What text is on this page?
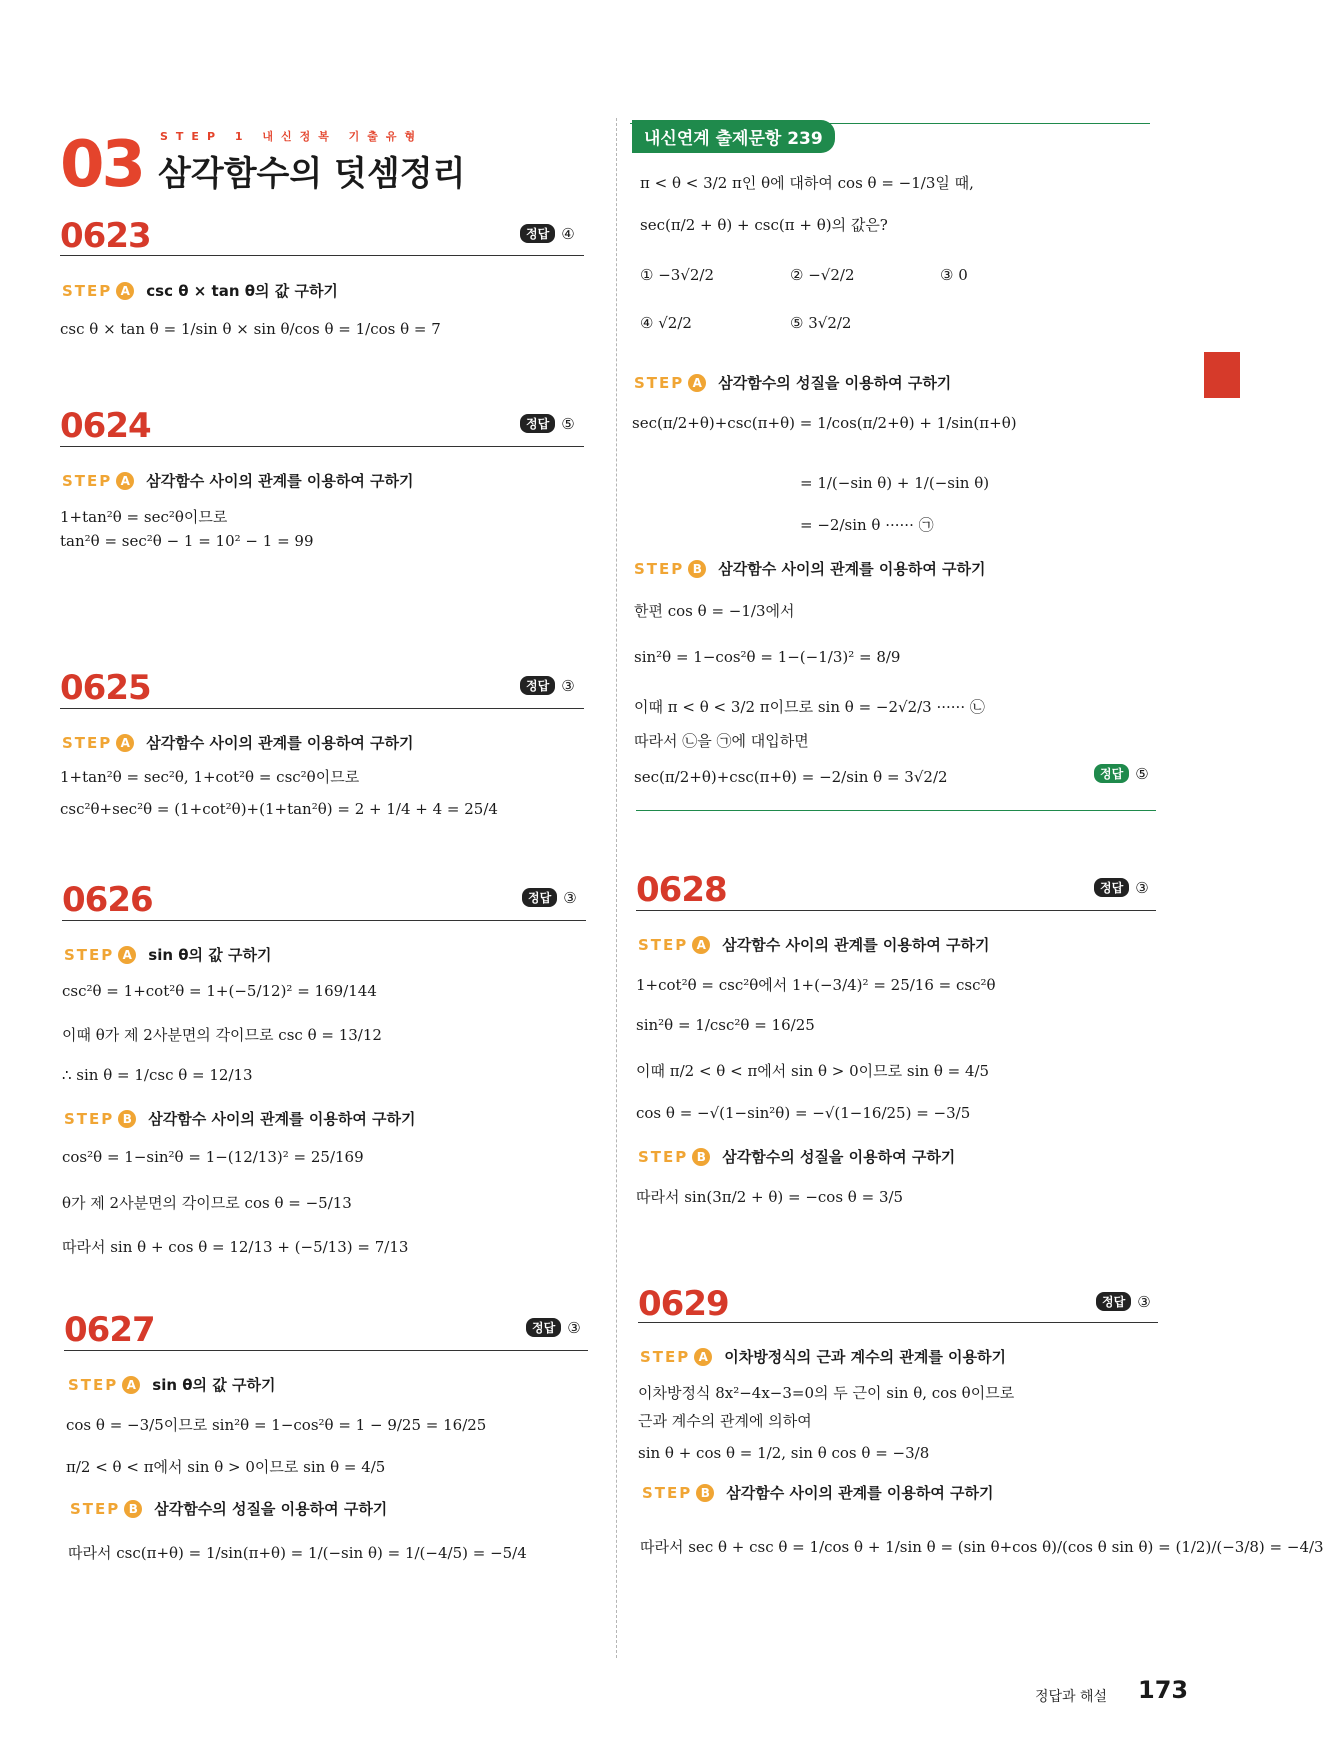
03 STEP 1 내신정복 기출유형
삼각함수의 덧셈정리
0623	정답 ④
STEP A csc θ × tan θ의 값 구하기
csc θ × tan θ = 1/sin θ × sin θ/cos θ = 1/cos θ = 7
0624	정답 ⑤
STEP A 삼각함수 사이의 관계를 이용하여 구하기
1+tan²θ = sec²θ이므로
tan²θ = sec²θ − 1 = 10² − 1 = 99
0625	정답 ③
STEP A 삼각함수 사이의 관계를 이용하여 구하기
1+tan²θ = sec²θ, 1+cot²θ = csc²θ이므로
csc²θ+sec²θ = (1+cot²θ)+(1+tan²θ) = 2 + 1/4 + 4 = 25/4
0626	정답 ③
STEP A sin θ의 값 구하기
csc²θ = 1+cot²θ = 1+(−5/12)² = 169/144
이때 θ가 제 2사분면의 각이므로 csc θ = 13/12
∴ sin θ = 1/csc θ = 12/13
STEP B 삼각함수 사이의 관계를 이용하여 구하기
cos²θ = 1−sin²θ = 1−(12/13)² = 25/169
θ가 제 2사분면의 각이므로 cos θ = −5/13
따라서 sin θ + cos θ = 12/13 + (−5/13) = 7/13
0627	정답 ③
STEP A sin θ의 값 구하기
cos θ = −3/5이므로 sin²θ = 1−cos²θ = 1 − 9/25 = 16/25
π/2 < θ < π에서 sin θ > 0이므로 sin θ = 4/5
STEP B 삼각함수의 성질을 이용하여 구하기
따라서 csc(π+θ) = 1/sin(π+θ) = 1/(−sin θ) = 1/(−4/5) = −5/4
내신연계 출제문항 239
π < θ < 3/2 π인 θ에 대하여 cos θ = −1/3일 때,
sec(π/2 + θ) + csc(π + θ)의 값은?
① −3√2/2	② −√2/2	③ 0
④ √2/2	⑤ 3√2/2
STEP A 삼각함수의 성질을 이용하여 구하기
sec(π/2+θ)+csc(π+θ) = 1/cos(π/2+θ) + 1/sin(π+θ)
= 1/(−sin θ) + 1/(−sin θ)
= −2/sin θ ······ ㉠
STEP B 삼각함수 사이의 관계를 이용하여 구하기
한편 cos θ = −1/3에서
sin²θ = 1−cos²θ = 1−(−1/3)² = 8/9
이때 π < θ < 3/2 π이므로 sin θ = −2√2/3 ······ ㉡
따라서 ㉡을 ㉠에 대입하면
sec(π/2+θ)+csc(π+θ) = −2/sin θ = 3√2/2	정답 ⑤
0628	정답 ③
STEP A 삼각함수 사이의 관계를 이용하여 구하기
1+cot²θ = csc²θ에서 1+(−3/4)² = 25/16 = csc²θ
sin²θ = 1/csc²θ = 16/25
이때 π/2 < θ < π에서 sin θ > 0이므로 sin θ = 4/5
cos θ = −√(1−sin²θ) = −√(1−16/25) = −3/5
STEP B 삼각함수의 성질을 이용하여 구하기
따라서 sin(3π/2 + θ) = −cos θ = 3/5
0629	정답 ③
STEP A 이차방정식의 근과 계수의 관계를 이용하기
이차방정식 8x²−4x−3=0의 두 근이 sin θ, cos θ이므로
근과 계수의 관계에 의하여
sin θ + cos θ = 1/2, sin θ cos θ = −3/8
STEP B 삼각함수 사이의 관계를 이용하여 구하기
따라서 sec θ + csc θ = 1/cos θ + 1/sin θ = (sin θ+cos θ)/(cos θ sin θ) = (1/2)/(−3/8) = −4/3
정답과 해설 173
